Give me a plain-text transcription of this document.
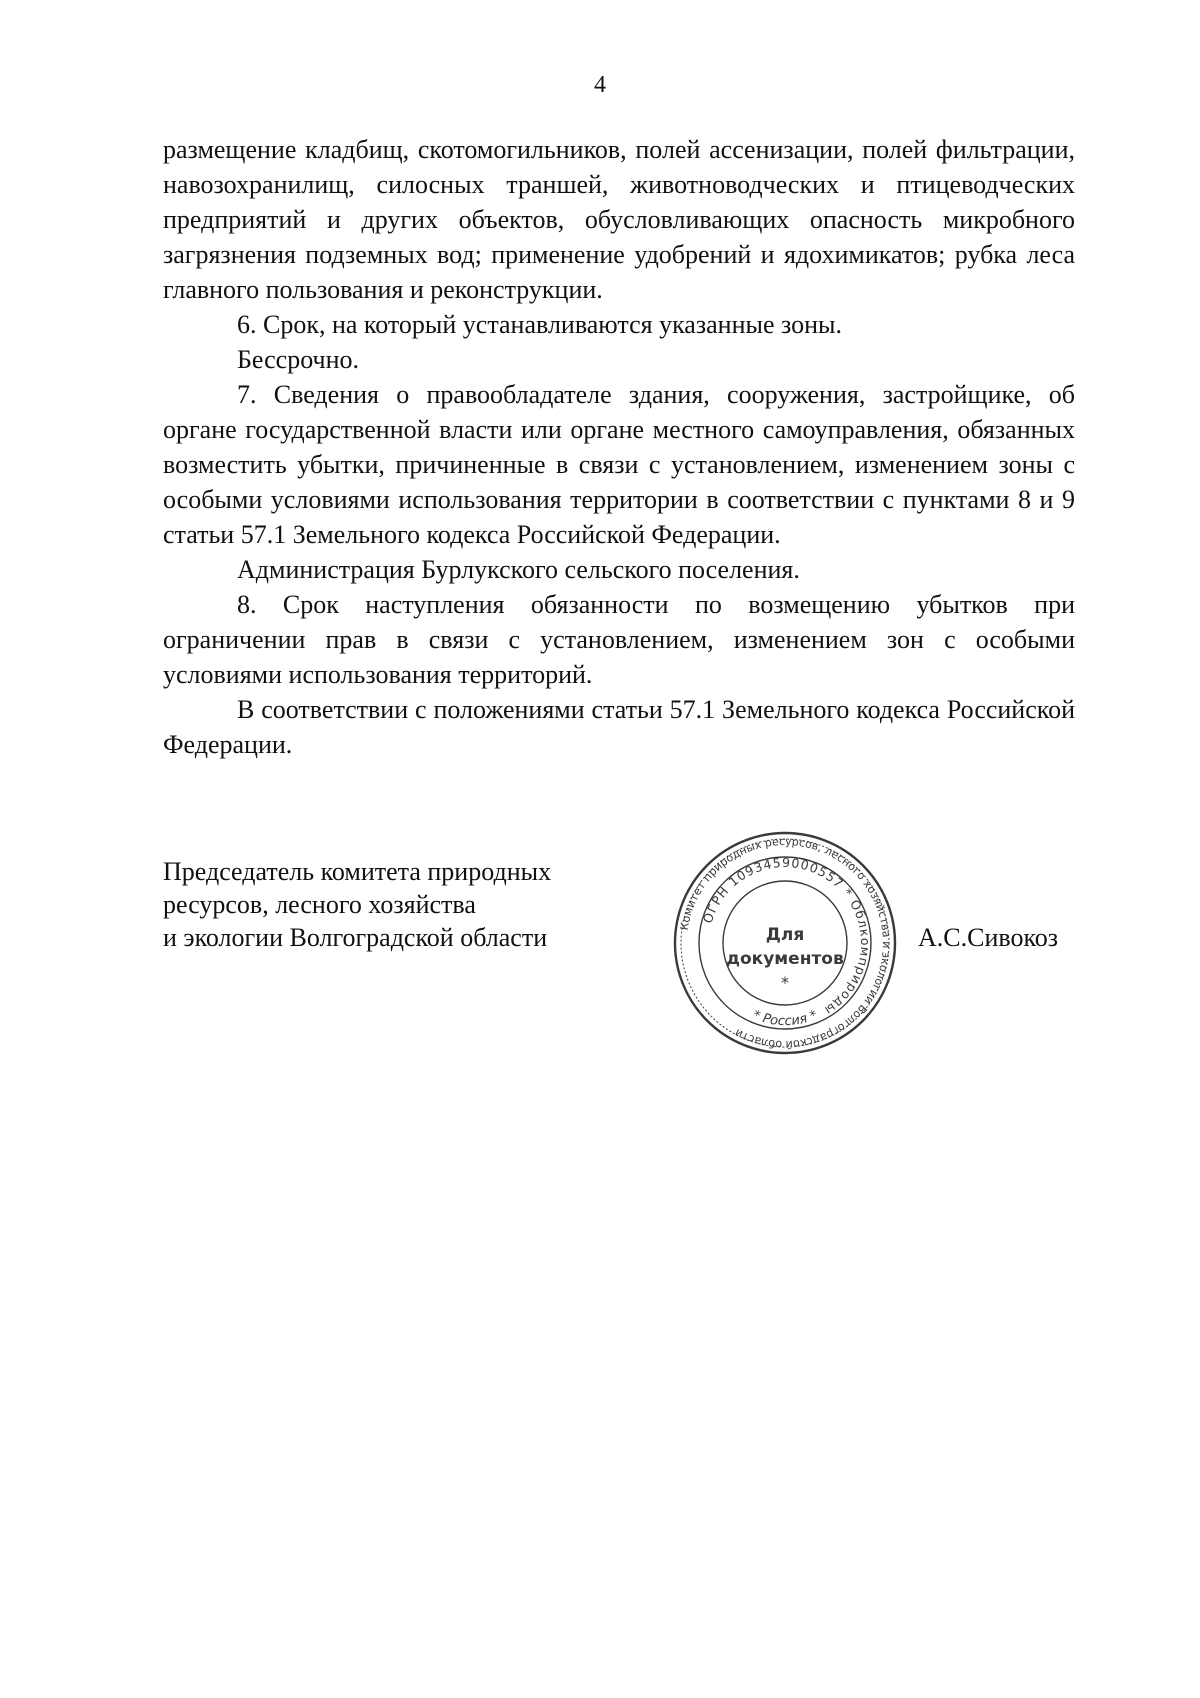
4

размещение кладбищ, скотомогильников, полей ассенизации, полей фильтрации, навозохранилищ, силосных траншей, животноводческих и птицеводческих предприятий и других объектов, обусловливающих опасность микробного загрязнения подземных вод; применение удобрений и ядохимикатов; рубка леса главного пользования и реконструкции.

6. Срок, на который устанавливаются указанные зоны.

Бессрочно.

7. Сведения о правообладателе здания, сооружения, застройщике, об органе государственной власти или органе местного самоуправления, обязанных возместить убытки, причиненные в связи с установлением, изменением зоны с особыми условиями использования территории в соответствии с пунктами 8 и 9 статьи 57.1 Земельного кодекса Российской Федерации.

Администрация Бурлукского сельского поселения.

8. Срок наступления обязанности по возмещению убытков при ограничении прав в связи с установлением, изменением зон с особыми условиями использования территорий.

В соответствии с положениями статьи 57.1 Земельного кодекса Российской Федерации.

Председатель комитета природных
ресурсов, лесного хозяйства
и экологии Волгоградской области	Комитет природных ресурсов, лесного хозяйства и экологии Волгоградской области
ОГРН 1093459000557 * Облкомприроды
Для
документов
*
* Россия *
А.С.Сивокоз
